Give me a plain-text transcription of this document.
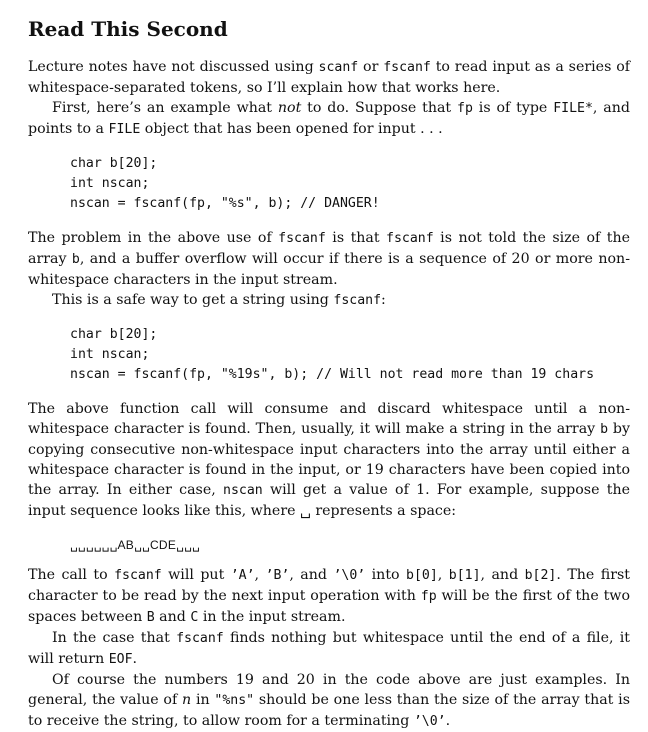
Read This Second

Lecture notes have not discussed using scanf or fscanf to read input as a series of whitespace-separated tokens, so I’ll explain how that works here.

First, here’s an example what not to do. Suppose that fp is of type FILE*, and points to a FILE object that has been opened for input . . .

char b[20];
int nscan;
nscan = fscanf(fp, "%s", b); // DANGER!

The problem in the above use of fscanf is that fscanf is not told the size of the array b, and a buffer overflow will occur if there is a sequence of 20 or more non-whitespace characters in the input stream.

This is a safe way to get a string using fscanf:

char b[20];
int nscan;
nscan = fscanf(fp, "%19s", b); // Will not read more than 19 chars

The above function call will consume and discard whitespace until a non-whitespace character is found. Then, usually, it will make a string in the array b by copying consecutive non-whitespace input characters into the array until either a whitespace character is found in the input, or 19 characters have been copied into the array. In either case, nscan will get a value of 1. For example, suppose the input sequence looks like this, where ␣ represents a space:

␣␣␣␣␣␣AB␣␣CDE␣␣␣

The call to fscanf will put ’A’, ’B’, and ’\0’ into b[0], b[1], and b[2]. The first character to be read by the next input operation with fp will be the first of the two spaces between B and C in the input stream.

In the case that fscanf finds nothing but whitespace until the end of a file, it will return EOF.

Of course the numbers 19 and 20 in the code above are just examples. In general, the value of n in "%ns" should be one less than the size of the array that is to receive the string, to allow room for a terminating ’\0’.
